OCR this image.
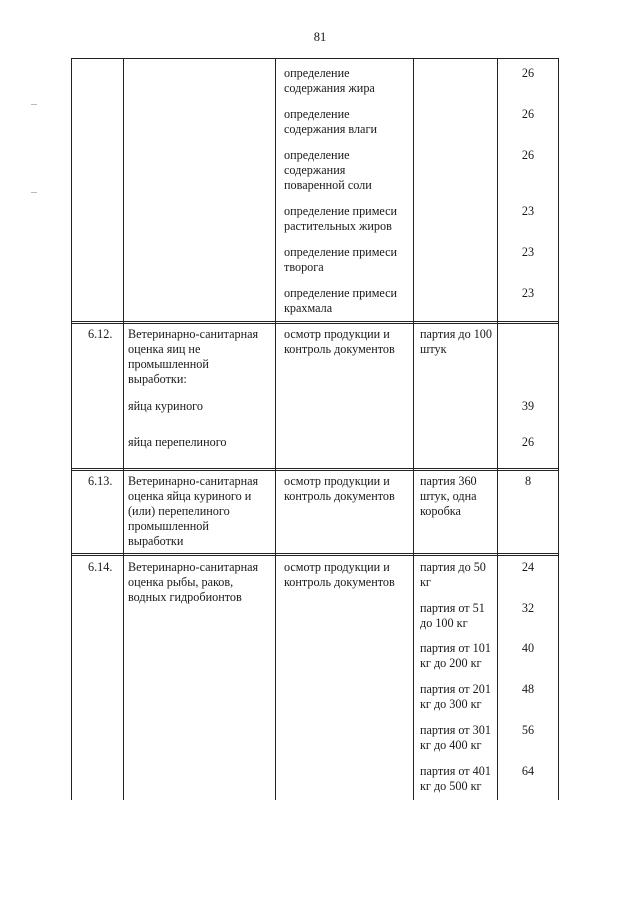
81
определение
содержания жира
26
определение
содержания влаги
26
определение
содержания
поваренной соли
26
определение примеси
растительных жиров
23
определение примеси
творога
23
определение примеси
крахмала
23
6.12. Ветеринарно-санитарная
оценка яиц не
промышленной
выработки:
осмотр продукции и
контроль документов
партия до 100
штук
яйца куриного	39
яйца перепелиного	26
6.13. Ветеринарно-санитарная
оценка яйца куриного и
(или) перепелиного
промышленной
выработки
осмотр продукции и
контроль документов
партия 360
штук, одна
коробка
8
6.14. Ветеринарно-санитарная
оценка рыбы, раков,
водных гидробионтов
осмотр продукции и
контроль документов
партия до 50
кг
24
партия от 51
до 100 кг
32
партия от 101
кг до 200 кг
40
партия от 201
кг до 300 кг
48
партия от 301
кг до 400 кг
56
партия от 401
кг до 500 кг
64
